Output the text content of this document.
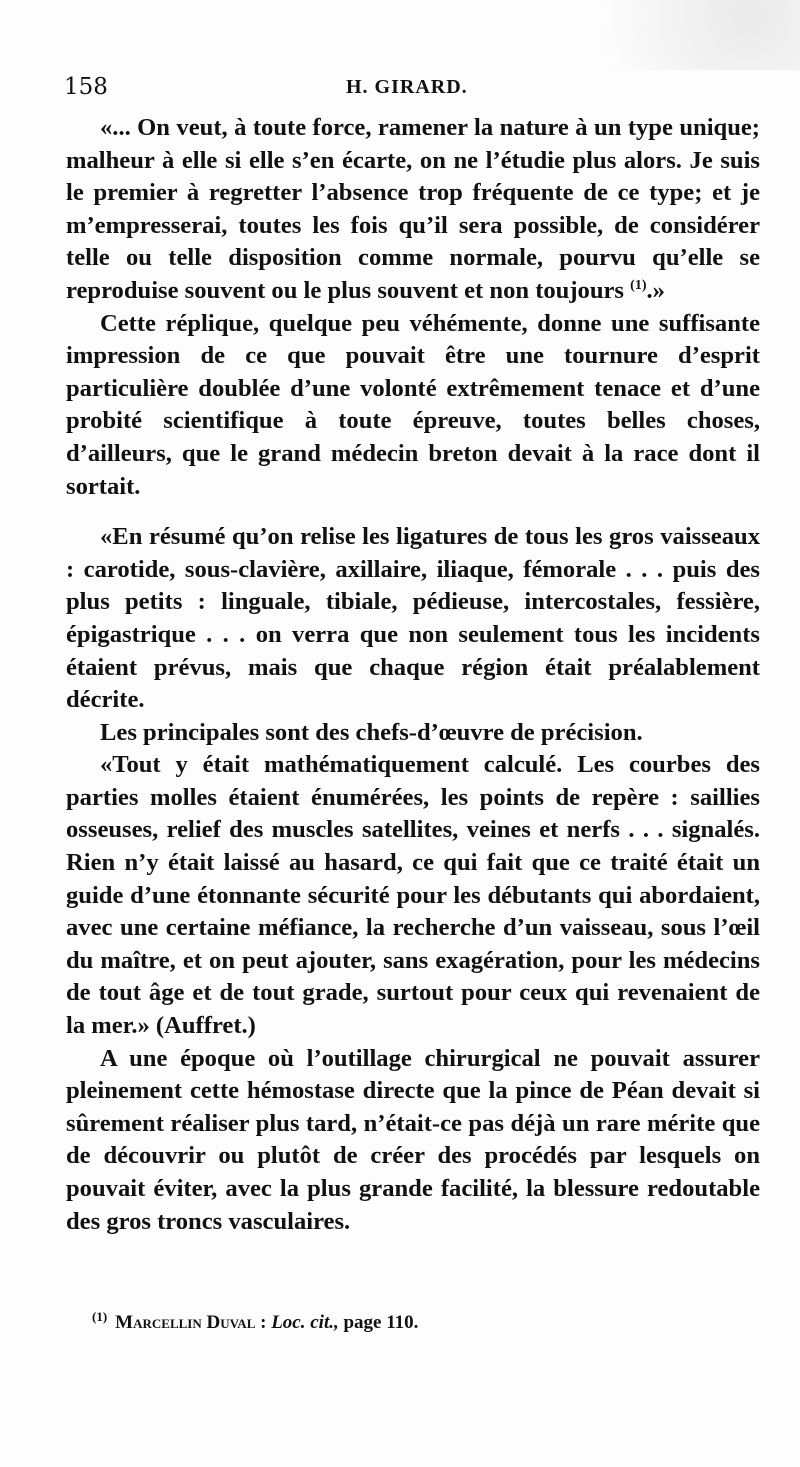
158	H. GIRARD.

«... On veut, à toute force, ramener la nature à un type unique; malheur à elle si elle s’en écarte, on ne l’étudie plus alors. Je suis le premier à regretter l’absence trop fréquente de ce type; et je m’empresserai, toutes les fois qu’il sera possible, de considérer telle ou telle disposition comme normale, pourvu qu’elle se reproduise souvent ou le plus souvent et non toujours $^{(1)}$.»

Cette réplique, quelque peu véhémente, donne une suffisante impression de ce que pouvait être une tournure d’esprit particulière doublée d’une volonté extrêmement tenace et d’une probité scientifique à toute épreuve, toutes belles choses, d’ailleurs, que le grand médecin breton devait à la race dont il sortait.

«En résumé qu’on relise les ligatures de tous les gros vaisseaux : carotide, sous-clavière, axillaire, iliaque, fémorale . . . puis des plus petits : linguale, tibiale, pédieuse, intercostales, fessière, épigastrique . . . on verra que non seulement tous les incidents étaient prévus, mais que chaque région était préalablement décrite.

Les principales sont des chefs-d’œuvre de précision.

«Tout y était mathématiquement calculé. Les courbes des parties molles étaient énumérées, les points de repère : saillies osseuses, relief des muscles satellites, veines et nerfs . . . signalés. Rien n’y était laissé au hasard, ce qui fait que ce traité était un guide d’une étonnante sécurité pour les débutants qui abordaient, avec une certaine méfiance, la recherche d’un vaisseau, sous l’œil du maître, et on peut ajouter, sans exagération, pour les médecins de tout âge et de tout grade, surtout pour ceux qui revenaient de la mer.» (Auffret.)

A une époque où l’outillage chirurgical ne pouvait assurer pleinement cette hémostase directe que la pince de Péan devait si sûrement réaliser plus tard, n’était-ce pas déjà un rare mérite que de découvrir ou plutôt de créer des procédés par lesquels on pouvait éviter, avec la plus grande facilité, la blessure redoutable des gros troncs vasculaires.

$^{(1)}$ Marcellin Duval : Loc. cit., page 110.
